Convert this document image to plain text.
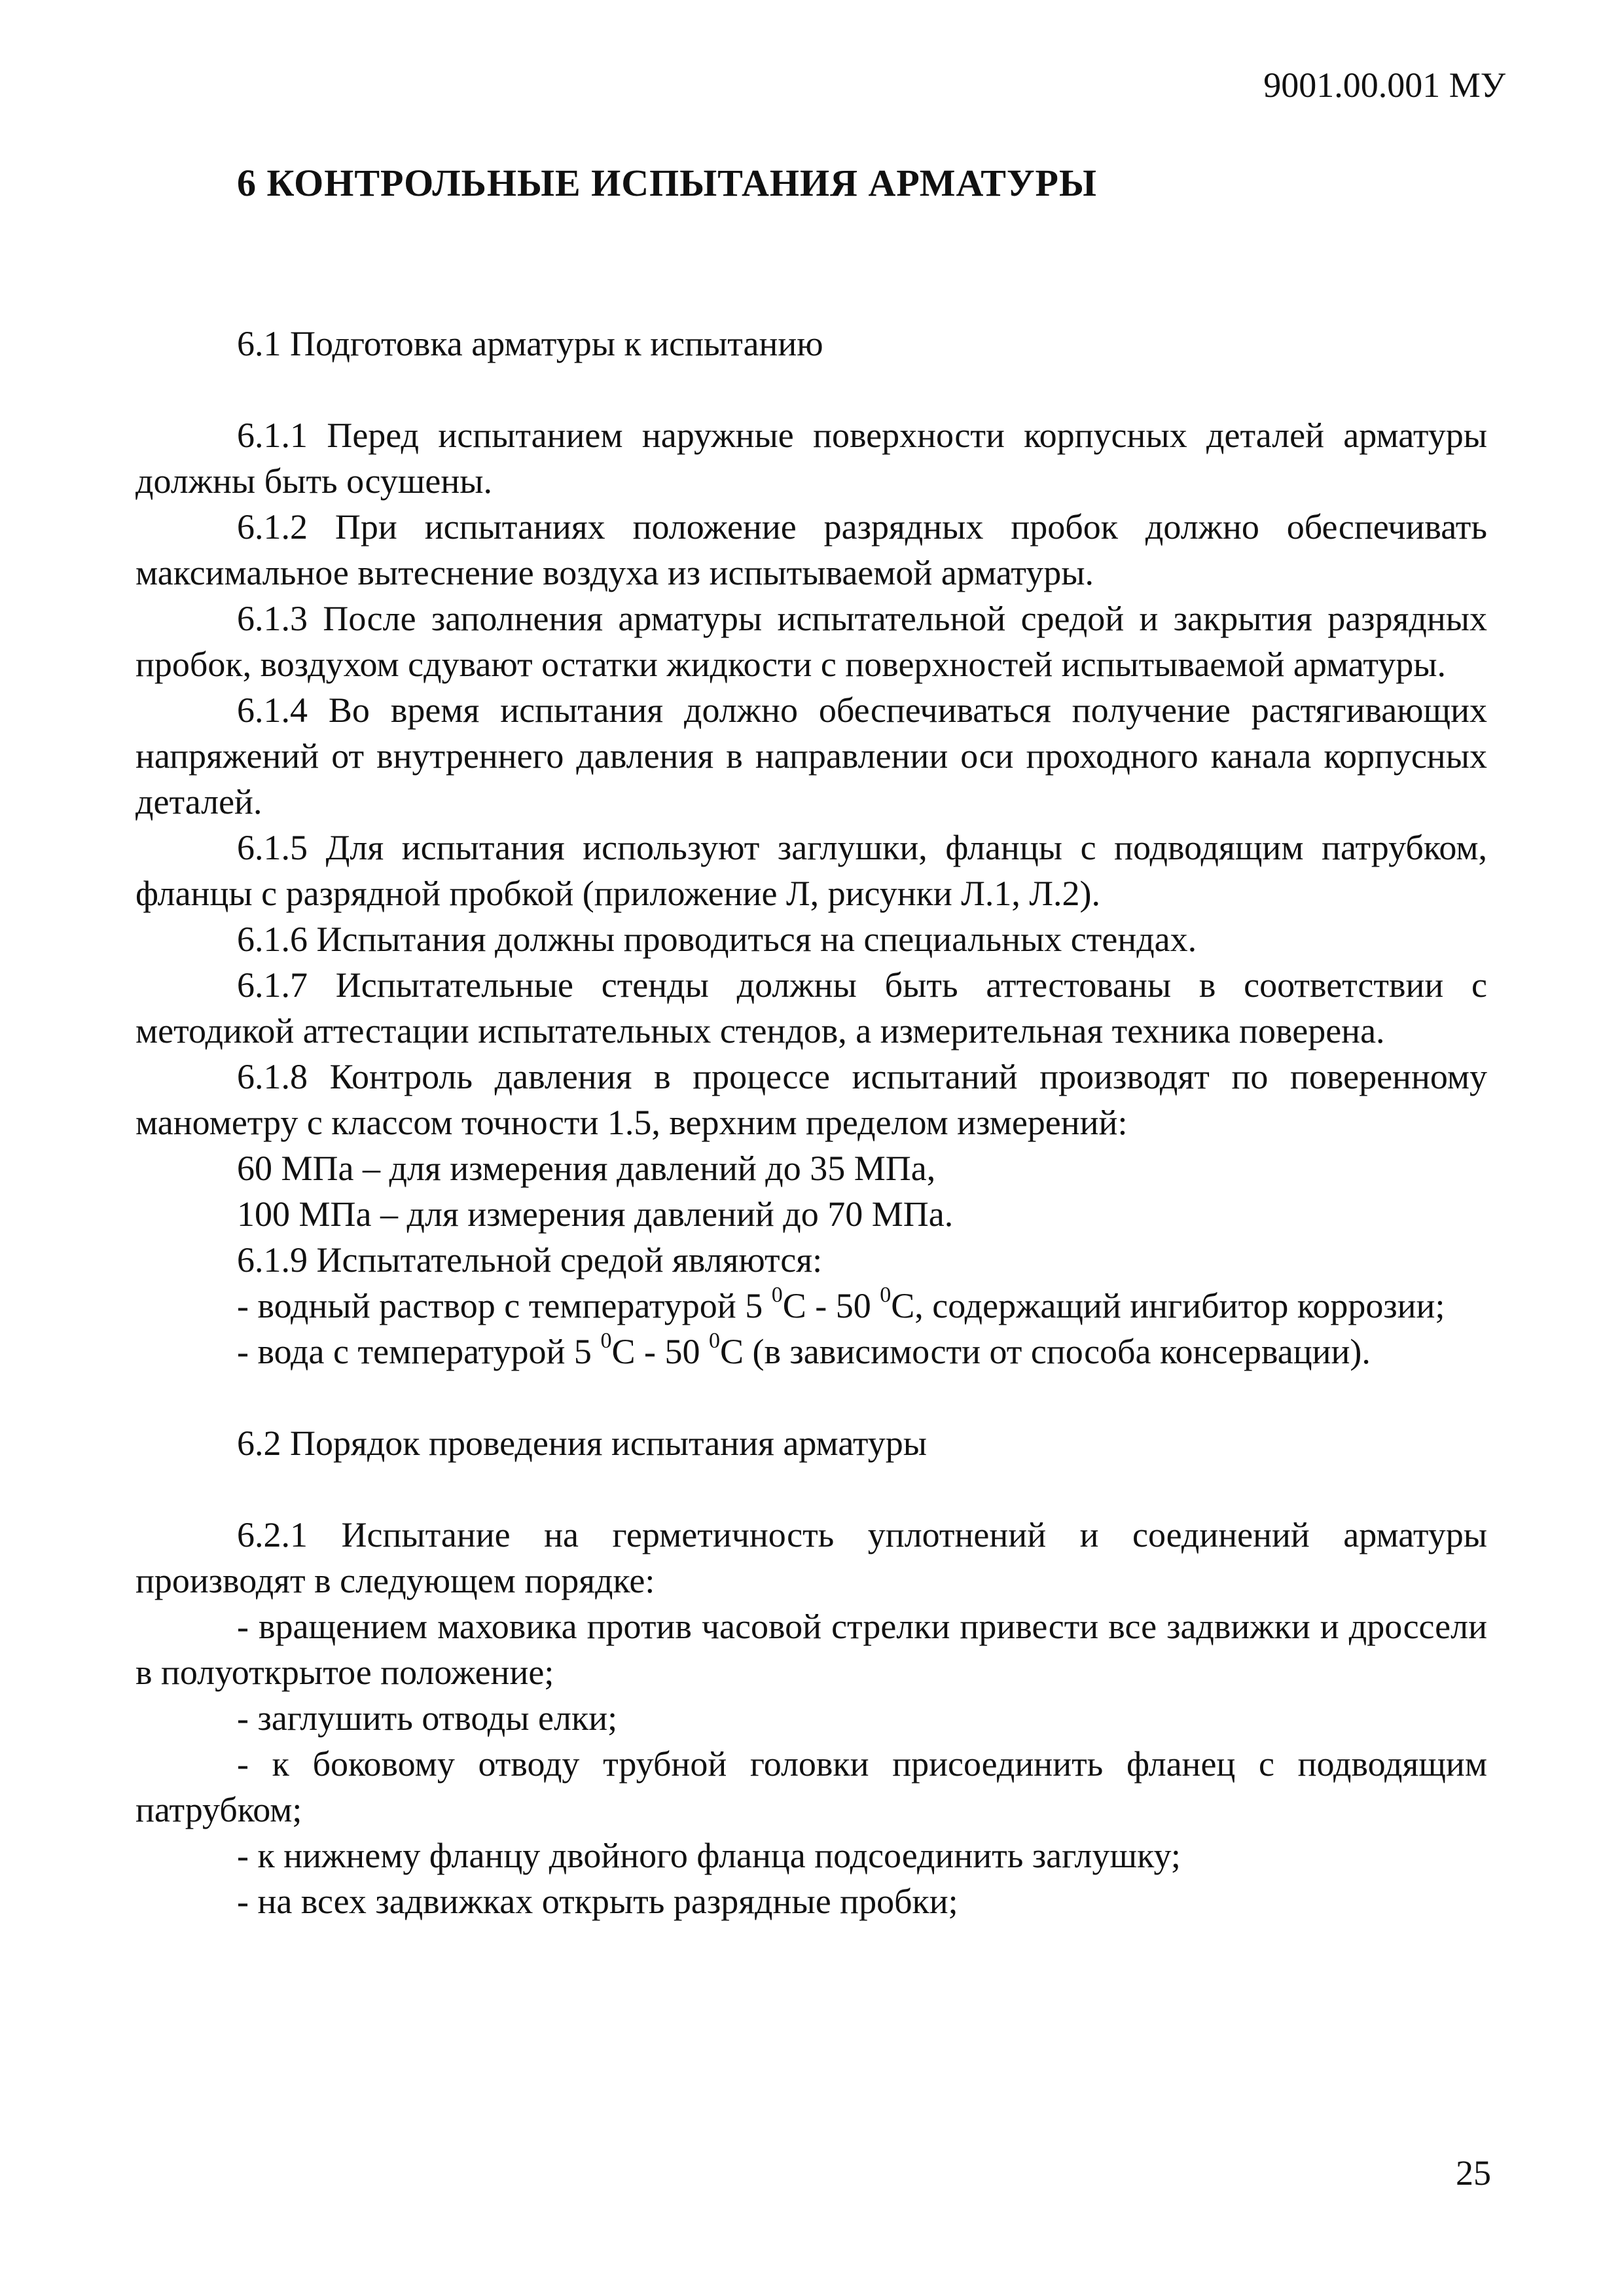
9001.00.001 МУ
6 КОНТРОЛЬНЫЕ ИСПЫТАНИЯ АРМАТУРЫ

6.1 Подготовка арматуры к испытанию

6.1.1 Перед испытанием наружные поверхности корпусных деталей арматуры должны быть осушены.

6.1.2 При испытаниях положение разрядных пробок должно обеспечивать максимальное вытеснение воздуха из испытываемой арматуры.

6.1.3 После заполнения арматуры испытательной средой и закрытия разрядных пробок, воздухом сдувают остатки жидкости с поверхностей испытываемой арматуры.

6.1.4 Во время испытания должно обеспечиваться получение растягивающих напряжений от внутреннего давления в направлении оси проходного канала корпусных деталей.

6.1.5 Для испытания используют заглушки, фланцы с подводящим патрубком, фланцы с разрядной пробкой (приложение Л, рисунки Л.1, Л.2).

6.1.6 Испытания должны проводиться на специальных стендах.

6.1.7 Испытательные стенды должны быть аттестованы в соответствии с методикой аттестации испытательных стендов, а измерительная техника поверена.

6.1.8 Контроль давления в процессе испытаний производят по поверенному манометру с классом точности 1.5, верхним пределом измерений:

60 МПа – для измерения давлений до 35 МПа,

100 МПа – для измерения давлений до 70 МПа.

6.1.9 Испытательной средой являются:

- водный раствор с температурой 5 $^0$С - 50 $^0$С, содержащий ингибитор коррозии;

- вода с температурой 5 $^0$С - 50 $^0$С (в зависимости от способа консервации).

6.2 Порядок проведения испытания арматуры

6.2.1 Испытание на герметичность уплотнений и соединений арматуры производят в следующем порядке:

- вращением маховика против часовой стрелки привести все задвижки и дроссели в полуоткрытое положение;

- заглушить отводы елки;

- к боковому отводу трубной головки присоединить фланец с подводящим патрубком;

- к нижнему фланцу двойного фланца подсоединить заглушку;

- на всех задвижках открыть разрядные пробки;

25
